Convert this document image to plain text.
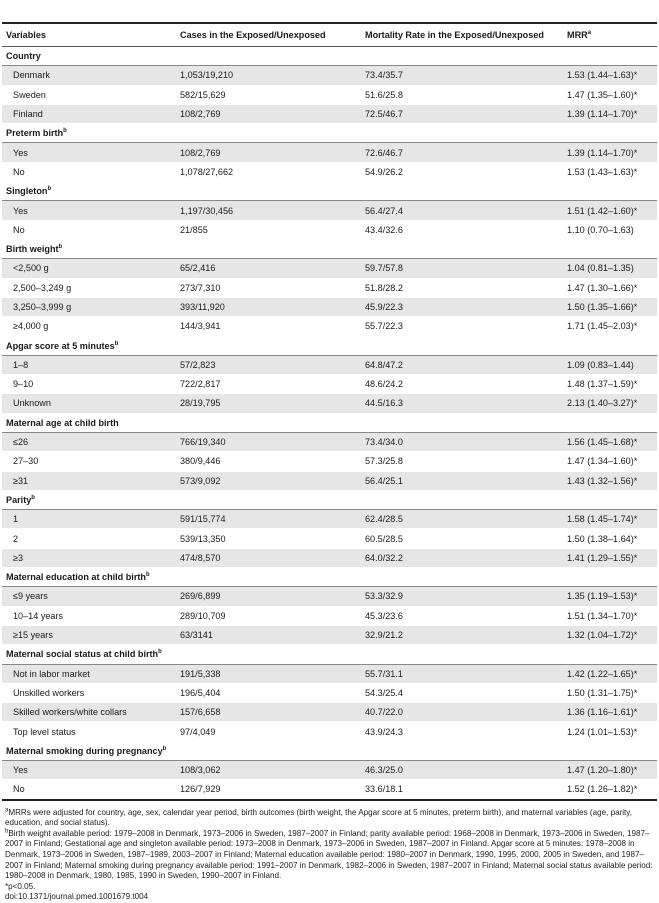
Variables	Cases in the Exposed/Unexposed	Mortality Rate in the Exposed/Unexposed	MRR$^a$
Country			
Denmark	1,053/19,210	73.4/35.7	1.53 (1.44–1.63)*
Sweden	582/15,629	51.6/25.8	1.47 (1.35–1.60)*
Finland	108/2,769	72.5/46.7	1.39 (1.14–1.70)*
Preterm birth$^b$
Yes	108/2,769	72.6/46.7	1.39 (1.14–1.70)*
No	1,078/27,662	54.9/26.2	1.53 (1.43–1.63)*
Singleton$^b$
Yes	1,197/30,456	56.4/27.4	1.51 (1.42–1.60)*
No	21/855	43.4/32.6	1.10 (0.70–1.63)
Birth weight$^b$
<2,500 g	65/2,416	59.7/57.8	1.04 (0.81–1.35)
2,500–3,249 g	273/7,310	51.8/28.2	1.47 (1.30–1.66)*
3,250–3,999 g	393/11,920	45.9/22.3	1.50 (1.35–1.66)*
≥4,000 g	144/3,941	55.7/22.3	1.71 (1.45–2.03)*
Apgar score at 5 minutes$^b$
1–8	57/2,823	64.8/47.2	1.09 (0.83–1.44)
9–10	722/2,817	48.6/24.2	1.48 (1.37–1.59)*
Unknown	28/19,795	44.5/16.3	2.13 (1.40–3.27)*
Maternal age at child birth			
≤26	766/19,340	73.4/34.0	1.56 (1.45–1.68)*
27–30	380/9,446	57.3/25.8	1.47 (1.34–1.60)*
≥31	573/9,092	56.4/25.1	1.43 (1.32–1.56)*
Parity$^b$
1	591/15,774	62.4/28.5	1.58 (1.45–1.74)*
2	539/13,350	60.5/28.5	1.50 (1.38–1.64)*
≥3	474/8,570	64.0/32.2	1.41 (1.29–1.55)*
Maternal education at child birth$^b$
≤9 years	269/6,899	53.3/32.9	1.35 (1.19–1.53)*
10–14 years	289/10,709	45.3/23.6	1.51 (1.34–1.70)*
≥15 years	63/3141	32.9/21.2	1.32 (1.04–1.72)*
Maternal social status at child birth$^b$
Not in labor market	191/5,338	55.7/31.1	1.42 (1.22–1.65)*
Unskilled workers	196/5,404	54.3/25.4	1.50 (1.31–1.75)*
Skilled workers/white collars	157/6,658	40.7/22.0	1.36 (1.16–1.61)*
Top level status	97/4,049	43.9/24.3	1.24 (1.01–1.53)*
Maternal smoking during pregnancy$^b$
Yes	108/3,062	46.3/25.0	1.47 (1.20–1.80)*
No	126/7,929	33.6/18.1	1.52 (1.26–1.82)*
$^a$MRRs were adjusted for country, age, sex, calendar year period, birth outcomes (birth weight, the Apgar score at 5 minutes, preterm birth), and maternal variables (age, parity, education, and social status).
$^b$Birth weight available period: 1979–2008 in Denmark, 1973–2006 in Sweden, 1987–2007 in Finland; parity available period: 1968–2008 in Denmark, 1973–2006 in Sweden, 1987–2007 in Finland; Gestational age and singleton available period: 1973–2008 in Denmark, 1973–2006 in Sweden, 1987–2007 in Finland. Apgar score at 5 minutes: 1978–2008 in Denmark, 1973–2006 in Sweden, 1987–1989, 2003–2007 in Finland; Maternal education available period: 1980–2007 in Denmark, 1990, 1995, 2000, 2005 in Sweden, and 1987–2007 in Finland; Maternal smoking during pregnancy available period: 1991–2007 in Denmark, 1982–2006 in Sweden, 1987–2007 in Finland; Maternal social status available period: 1980–2008 in Denmark, 1980, 1985, 1990 in Sweden, 1990–2007 in Finland.
*p<0.05.
doi:10.1371/journal.pmed.1001679.t004
